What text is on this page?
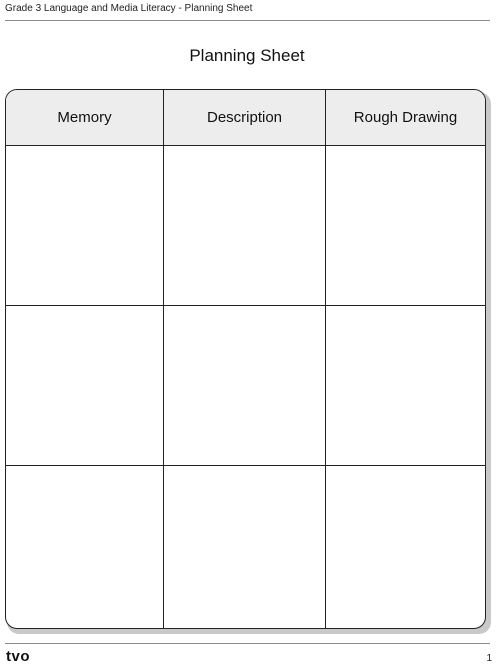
Grade 3 Language and Media Literacy - Planning Sheet
Planning Sheet
Memory	Description	Rough Drawing
tvo	1
